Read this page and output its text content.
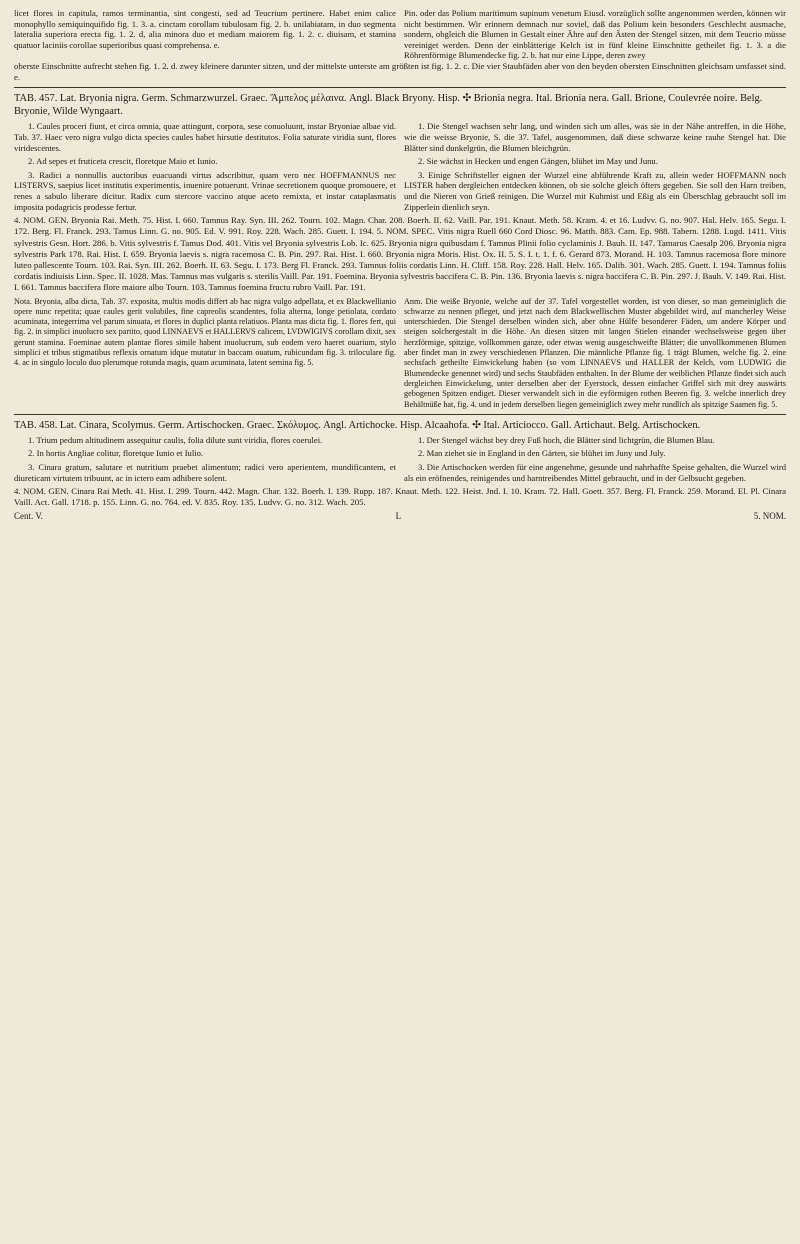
licet flores in capitula, ramos terminantia, sint congesti, sed ad Teucrium pertinere. Habet enim calice monophyllo semiquinquifido fig. 1. 3. a. cinctam corollam tubulosam fig. 2. b. unilabiatam, in duo segmenta lateralia superiora erecta fig. 1. 2. d, alia minora duo et mediam maiorem fig. 1. 2. c. diuisam, et stamina quatuor laciniis corollae superioribus quasi comprehensa. e.
Pin. oder das Polium maritimum supinum venetum Eiusd. vorzüglich sollte angenommen werden, können wir nicht bestimmen. Wir erinnern demnach nur soviel, daß das Polium kein besonders Geschlecht ausmache, sondern, obgleich die Blumen in Gestalt einer Ähre auf den Ästen der Stengel sitzen, mit dem Teucrio müsse vereiniget werden. Denn der einblätterige Kelch ist in fünf kleine Einschnitte getheilet fig. 1. 3. a die Röhrenförmige Blumendecke fig. 2. b. hat nur eine Lippe, deren zwey

oberste Einschnitte aufrecht stehen fig. 1. 2. d. zwey kleinere darunter sitzen, und der mittelste unterste am größten ist fig. 1. 2. c. Die vier Staubfäden aber von den beyden obersten Einschnitten gleichsam umfasset sind. e.

TAB. 457. Lat. Bryonia nigra. Germ. Schmarzwurzel. Graec. Ἄμπελος μέλαινα. Angl. Black Bryony. Hisp. ✣ Brionia negra. Ital. Brionia nera. Gall. Brione, Coulevrée noire. Belg. Bryonie, Wilde Wyngaart.

1. Caules proceri fiunt, et circa omnia, quae attingunt, corpora, sese conuoluunt, instar Bryoniae albae vid. Tab. 37. Haec vero nigra vulgo dicta species caules habet hirsutie destitutos. Folia saturate viridia sunt, flores viridescentes.

2. Ad sepes et fruticeta crescit, floretque Maio et Iunio.

3. Radici a nonnullis auctoribus euacuandi virtus adscribitur, quam vero nec HOFFMANNUS nec LISTERVS, saepius licet institutis experimentis, inuenire potuerunt. Vrinae secretionem quoque promouere, et renes a sabulo liberare dicitur. Radix cum stercore vaccino atque aceto remixta, et instar cataplasmatis imposita podagricis prodesse fertur.

1. Die Stengel wachsen sehr lang, und winden sich um alles, was sie in der Nähe antreffen, in die Höhe, wie die weisse Bryonie, S. die 37. Tafel, ausgenommen, daß diese schwarze keine rauhe Stengel hat. Die Blätter sind dunkelgrün, die Blumen bleichgrün.

2. Sie wächst in Hecken und engen Gängen, blühet im May und Junu.

3. Einige Schriftsteller eignen der Wurzel eine abführende Kraft zu, allein weder HOFFMANN noch LISTER haben dergleichen entdecken können, ob sie solche gleich öfters gegeben. Sie soll den Harn treiben, und die Nieren von Grieß reinigen. Die Wurzel mit Kuhmist und Eßig als ein Überschlag gebraucht soll im Zipperlein dienlich seyn.

4. NOM. GEN. Bryonia Rai. Meth. 75. Hist. I. 660. Tamnus Ray. Syn. III. 262. Tourn. 102. Magn. Char. 208. Boerh. II. 62. Vaill. Par. 191. Knaut. Meth. 58. Kram. 4. et 16. Ludvv. G. no. 907. Hal. Helv. 165. Segu. I. 172. Berg. Fl. Franck. 293. Tamus Linn. G. no. 905. Ed. V. 991. Roy. 228. Wach. 285. Guett. I. 194. 5. NOM. SPEC. Vitis nigra Ruell 660 Cord Diosc. 96. Matth. 883. Cam. Ep. 988. Tabern. 1288. Lugd. 1411. Vitis sylvestris Gesn. Hort. 286. b. Vitis sylvestris f. Tamus Dod. 401. Vitis vel Bryonia sylvestris Lob. Ic. 625. Bryonia nigra quibusdam f. Tamnus Plinii folio cyclaminis J. Bauh. II. 147. Tamarus Caesalp 206. Bryonia nigra sylvestris Park 178. Rai. Hist. I. 659. Bryonia laevis s. nigra racemosa C. B. Pin. 297. Rai. Hist. I. 660. Bryonia nigra Moris. Hist. Ox. II. 5. S. I. t. 1. f. 6. Gerard 873. Morand. H. 103. Tamnus racemosa flore minore luteo pallescente Tourn. 103. Rai. Syn. III. 262. Boerh. II. 63. Segu. I. 173. Berg Fl. Franck. 293. Tamnus foliis cordatis Linn. H. Cliff. 158. Roy. 228. Hall. Helv. 165. Dalib. 301. Wach. 285. Guett. I. 194. Tamnus foliis cordatis indiuisis Linn. Spec. II. 1028. Mas. Tamnus mas vulgaris s. sterilis Vaill. Par. 191. Foemina. Bryonia sylvestris baccifera C. B. Pin. 136. Bryonia laevis s. nigra baccifera C. B. Pin. 297. J. Bauh. V. 149. Rai. Hist. I. 661. Tamnus baccifera flore maiore albo Tourn. 103. Tamnus foemina fructu rubro Vaill. Par. 191.

Nota. Bryonia, alba dicta, Tab. 37. exposita, multis modis differt ab hac nigra vulgo adpellata, et ex Blackwellianio opere nunc repetita; quae caules gerit volubiles, fine capreolis scandentes, folia alterna, longe petiolata, cordato acuminata, integerrima vel parum sinuata, et flores in duplici planta relatiuos. Planta mas dicta fig. 1. flores fert, qui fig. 2. in simplici inuolucro sex partito, quod LINNAEVS et HALLERVS calicem, LVDWIGIVS corollam dixit, sex gerunt stamina. Foeminae autem plantae flores simile habent inuolucrum, sub eodem vero haeret ouarium, stylo simplici et tribus stigmatibus reflexis ornatum idque mutatur in baccam ouatum, rubicundam fig. 3. triloculare fig. 4. ac in singulo loculo duo plerumque rotunda magis, quam acuminata, latent semina fig. 5.
Anm. Die weiße Bryonie, welche auf der 37. Tafel vorgestellet worden, ist von dieser, so man gemeiniglich die schwarze zu nennen pfleget, und jetzt nach dem Blackwellischen Muster abgebildet wird, auf mancherley Weise unterschieden. Die Stengel derselben winden sich, aber ohne Hülfe besonderer Fäden, um andere Körper und steigen solchergestalt in die Höhe. An diesen sitzen mit langen Stielen einander wechselsweise gegen über herzförmige, spitzige, vollkommen ganze, oder etwas wenig ausgeschweifte Blätter; die unvollkommenen Blumen aber findet man in zwey verschiedenen Pflanzen. Die männliche Pflanze fig. 1 trägt Blumen, welche fig. 2. eine sechsfach getheilte Einwickelung haben (so vom LINNAEVS und HALLER der Kelch, vom LUDWIG die Blumendecke genennet wird) und sechs Staubfäden enthalten. In der Blume der weiblichen Pflanze findet sich auch dergleichen Einwickelung, unter derselben aber der Eyerstock, dessen einfacher Griffel sich mit drey auswärts gebogenen Spitzen endiget. Dieser verwandelt sich in die eyförmigen rothen Beeren fig. 3. welche innerlich drey Behältnüße hat, fig. 4. und in jedem derselben liegen gemeiniglich zwey mehr rundlich als spitzige Saamen fig. 5.
TAB. 458. Lat. Cinara, Scolymus. Germ. Artischocken. Graec. Σκόλυμος. Angl. Artichocke. Hisp. Alcaahofa. ✣ Ital. Articiocco. Gall. Artichaut. Belg. Artischocken.

1. Trium pedum altitudinem assequitur caulis, folia dilute sunt viridia, flores coerulei.

2. In hortis Angliae colitur, floretque Iunio et Iulio.

3. Cinara gratum, salutare et nutritium praebet alimentum; radici vero aperientem, mundificantem, et diureticam virtutem tribuunt, ac in ictero eam adhibere solent.

1. Der Stengel wächst bey drey Fuß hoch, die Blätter sind lichtgrün, die Blumen Blau.

2. Man ziehet sie in England in den Gärten, sie blühet im Juny und July.

3. Die Artischocken werden für eine angenehme, gesunde und nahrhaffte Speise gehalten, die Wurzel wird als ein eröfnendes, reinigendes und harntreibendes Mittel gebraucht, und in der Gelbsucht gegeben.

4. NOM. GEN. Cinara Rai Meth. 41. Hist. I. 299. Tourn. 442. Magn. Char. 132. Boerh. I. 139. Rupp. 187. Knaut. Meth. 122. Heist. Jnd. I. 10. Kram. 72. Hall. Goett. 357. Berg. Fl. Franck. 259. Morand. El. Pl. Cinara Vaill. Act. Gall. 1718. p. 155. Linn. G. no. 764. ed. V. 835. Roy. 135. Ludvv. G. no. 312. Wach. 205.

Cent. V.	L	5. NOM.
